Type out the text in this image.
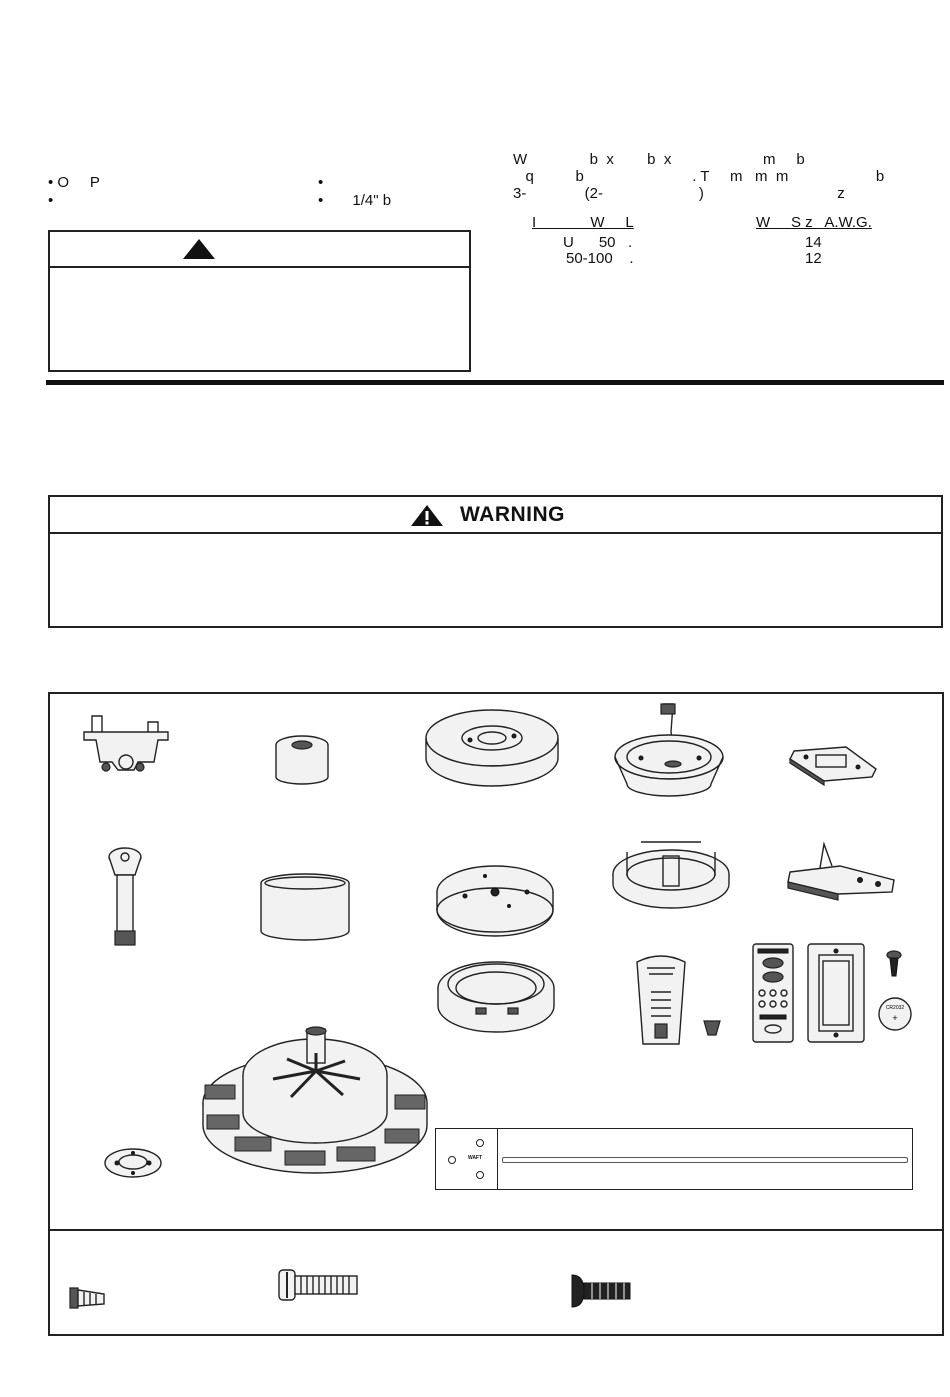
• O     P
•
•
•       1/4" b
W               b  x        b  x                      m     b
q          b                          . T     m   m  m                     b
3-              (2-                       )                                z
I             W     L	W     S z   A.W.G.
U      50   .	14
50-100    .	12
WARNING
CR2032
+
WAFT
